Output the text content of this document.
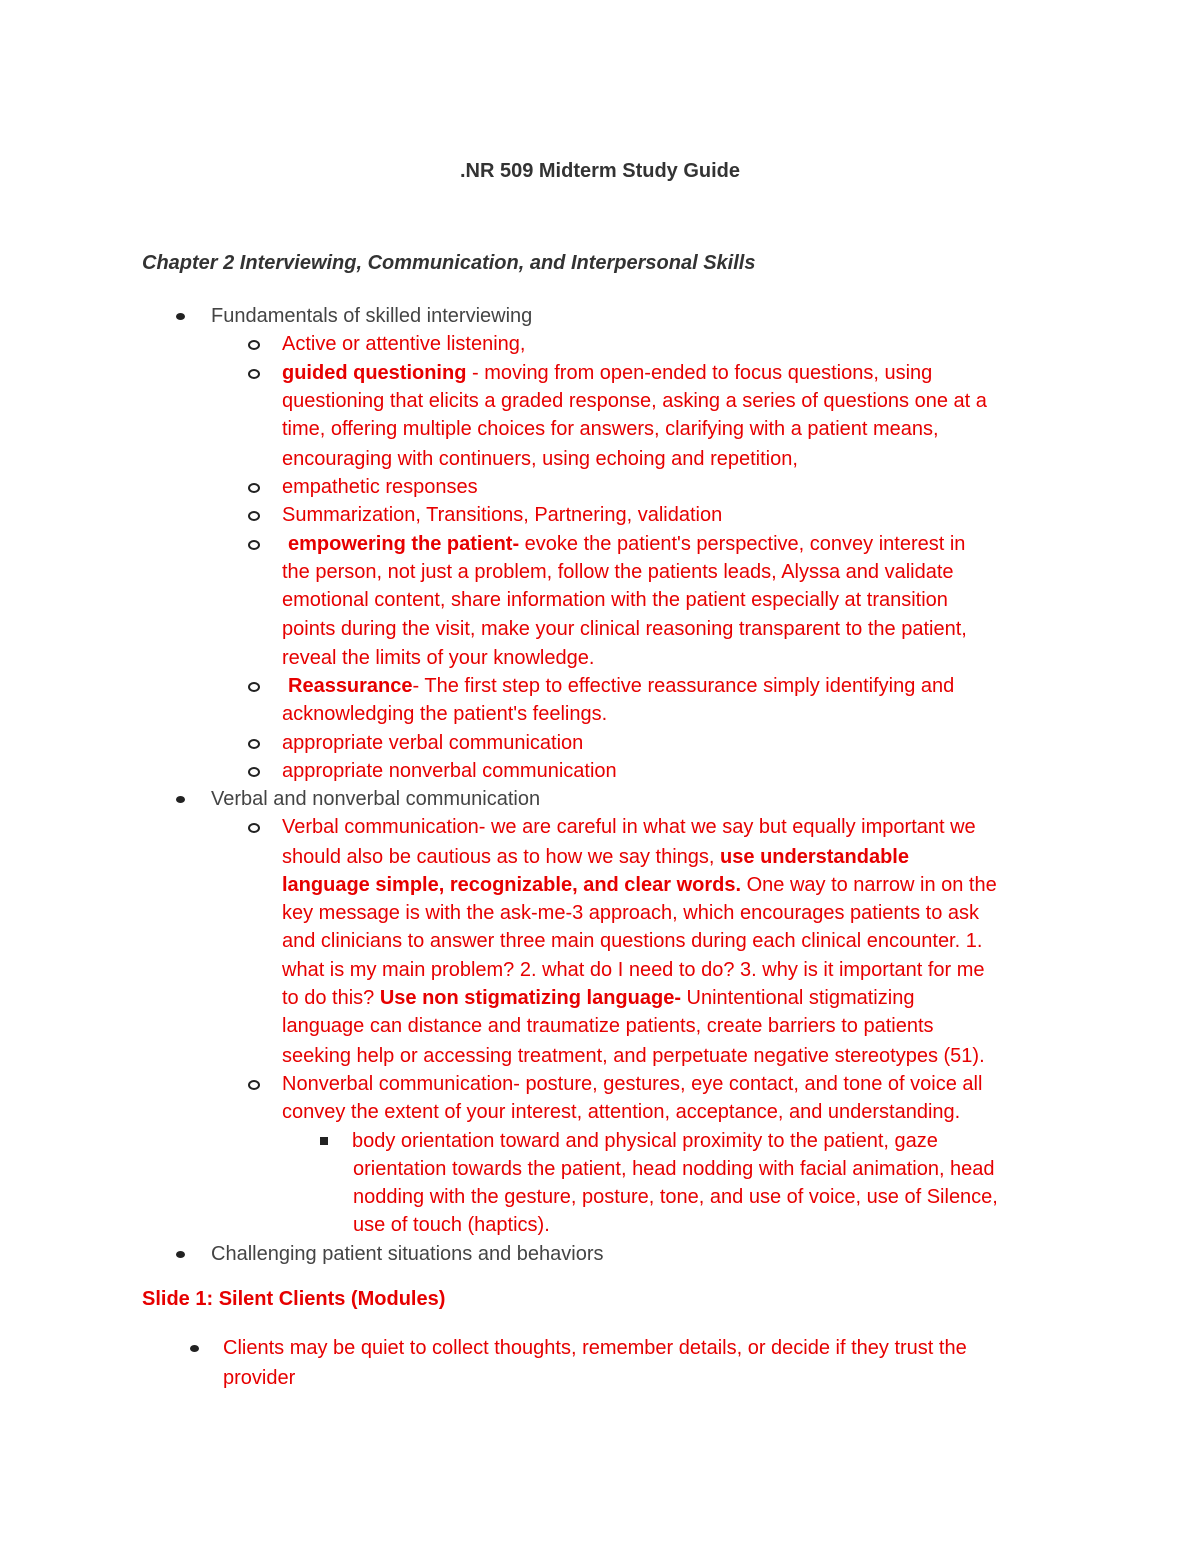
.NR 509 Midterm Study Guide
Chapter 2 Interviewing, Communication, and Interpersonal Skills
Fundamentals of skilled interviewing
Active or attentive listening,
guided questioning - moving from open-ended to focus questions, using
questioning that elicits a graded response, asking a series of questions one at a
time, offering multiple choices for answers, clarifying with a patient means,
encouraging with continuers, using echoing and repetition,
empathetic responses
Summarization, Transitions, Partnering, validation
empowering the patient- evoke the patient's perspective, convey interest in
the person, not just a problem, follow the patients leads, Alyssa and validate
emotional content, share information with the patient especially at transition
points during the visit, make your clinical reasoning transparent to the patient,
reveal the limits of your knowledge.
Reassurance- The first step to effective reassurance simply identifying and
acknowledging the patient's feelings.
appropriate verbal communication
appropriate nonverbal communication
Verbal and nonverbal communication
Verbal communication- we are careful in what we say but equally important we
should also be cautious as to how we say things, use understandable
language simple, recognizable, and clear words. One way to narrow in on the
key message is with the ask-me-3 approach, which encourages patients to ask
and clinicians to answer three main questions during each clinical encounter. 1.
what is my main problem? 2. what do I need to do? 3. why is it important for me
to do this? Use non stigmatizing language- Unintentional stigmatizing
language can distance and traumatize patients, create barriers to patients
seeking help or accessing treatment, and perpetuate negative stereotypes (51).
Nonverbal communication- posture, gestures, eye contact, and tone of voice all
convey the extent of your interest, attention, acceptance, and understanding.
body orientation toward and physical proximity to the patient, gaze
orientation towards the patient, head nodding with facial animation, head
nodding with the gesture, posture, tone, and use of voice, use of Silence,
use of touch (haptics).
Challenging patient situations and behaviors
Slide 1: Silent Clients (Modules)
Clients may be quiet to collect thoughts, remember details, or decide if they trust the
provider
